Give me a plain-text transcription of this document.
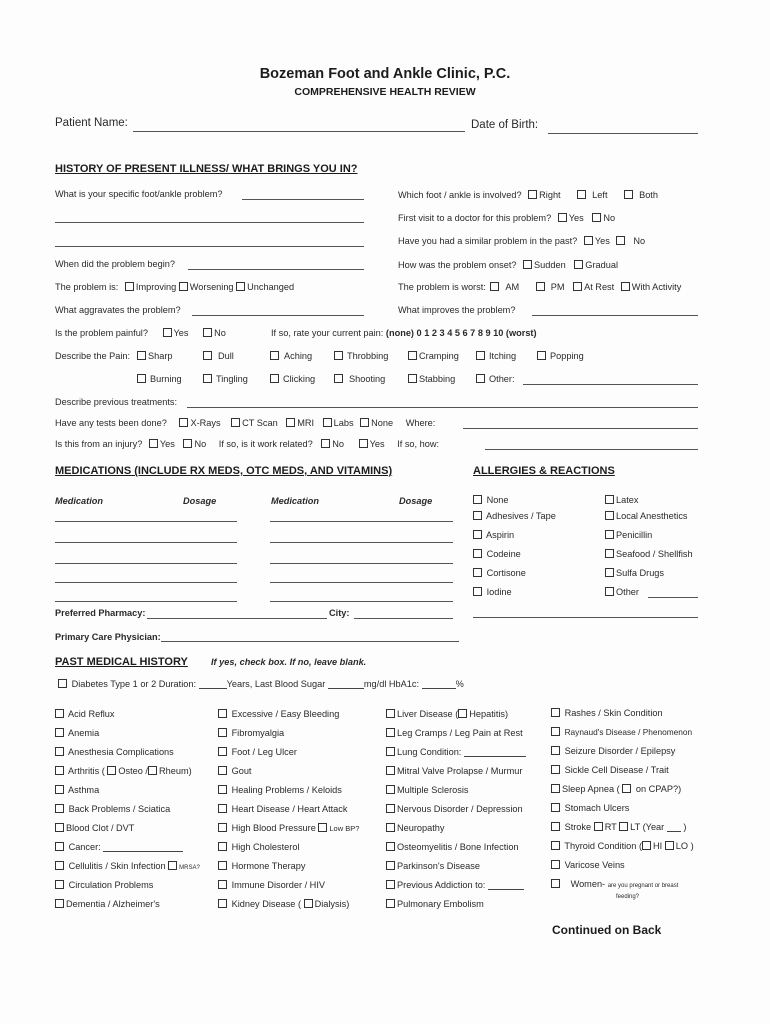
Bozeman Foot and Ankle Clinic, P.C.
COMPREHENSIVE HEALTH REVIEW
Patient Name:	Date of Birth:
HISTORY OF PRESENT ILLNESS/ WHAT BRINGS YOU IN?
What is your specific foot/ankle problem?	Which foot / ankle is involved? Right	Left	Both
First visit to a doctor for this problem? Yes No
Have you had a similar problem in the past? Yes	No
When did the problem begin?	How was the problem onset? Sudden Gradual
The problem is: Improving Worsening Unchanged	The problem is worst: AM	PM At Rest With Activity
What aggravates the problem?	What improves the problem?
Is the problem painful?	Yes	No	If so, rate your current pain: (none) 0 1 2 3 4 5 6 7 8 9 10 (worst)
Describe the Pain:	Sharp	Dull	Aching	Throbbing	Cramping	Itching	Popping
Burning	Tingling	Clicking	Shooting	Stabbing	Other:
Describe previous treatments:
Have any tests been done?	X-Rays CT Scan MRI Labs None Where:
Is this from an injury? Yes No If so, is it work related? No	Yes If so, how:
MEDICATIONS (INCLUDE RX MEDS, OTC MEDS, AND VITAMINS)
Medication	Dosage	Medication	Dosage
Preferred Pharmacy:	City:
Primary Care Physician:
ALLERGIES & REACTIONS
None
Adhesives / Tape
Aspirin
Codeine
Cortisone
Iodine
Latex
Local Anesthetics
Penicillin
Seafood / Shellfish
Sulfa Drugs
Other
PAST MEDICAL HISTORY	If yes, check box. If no, leave blank.
Diabetes Type 1 or 2 Duration:	Years, Last Blood Sugar	mg/dl HbA1c:	%
Acid Reflux
Anemia
Anesthesia Complications
Arthritis ( Osteo / Rheum)
Asthma
Back Problems / Sciatica
Blood Clot / DVT
Cancer:
Cellulitis / Skin Infection MRSA?
Circulation Problems
Dementia / Alzheimer's
Excessive / Easy Bleeding
Fibromyalgia
Foot / Leg Ulcer
Gout
Healing Problems / Keloids
Heart Disease / Heart Attack
High Blood Pressure Low BP?
High Cholesterol
Hormone Therapy
Immune Disorder / HIV
Kidney Disease ( Dialysis)
Liver Disease ( Hepatitis)
Leg Cramps / Leg Pain at Rest
Lung Condition:
Mitral Valve Prolapse / Murmur
Multiple Sclerosis
Nervous Disorder / Depression
Neuropathy
Osteomyelitis / Bone Infection
Parkinson's Disease
Previous Addiction to:
Pulmonary Embolism
Rashes / Skin Condition
Raynaud's Disease / Phenomenon
Seizure Disorder / Epilepsy
Sickle Cell Disease / Trait
Sleep Apnea ( on CPAP?)
Stomach Ulcers
Stroke RT LT (Year )
Thyroid Condition ( HI LO )
Varicose Veins
Women- are you pregnant or breast
feeding?
Continued on Back
